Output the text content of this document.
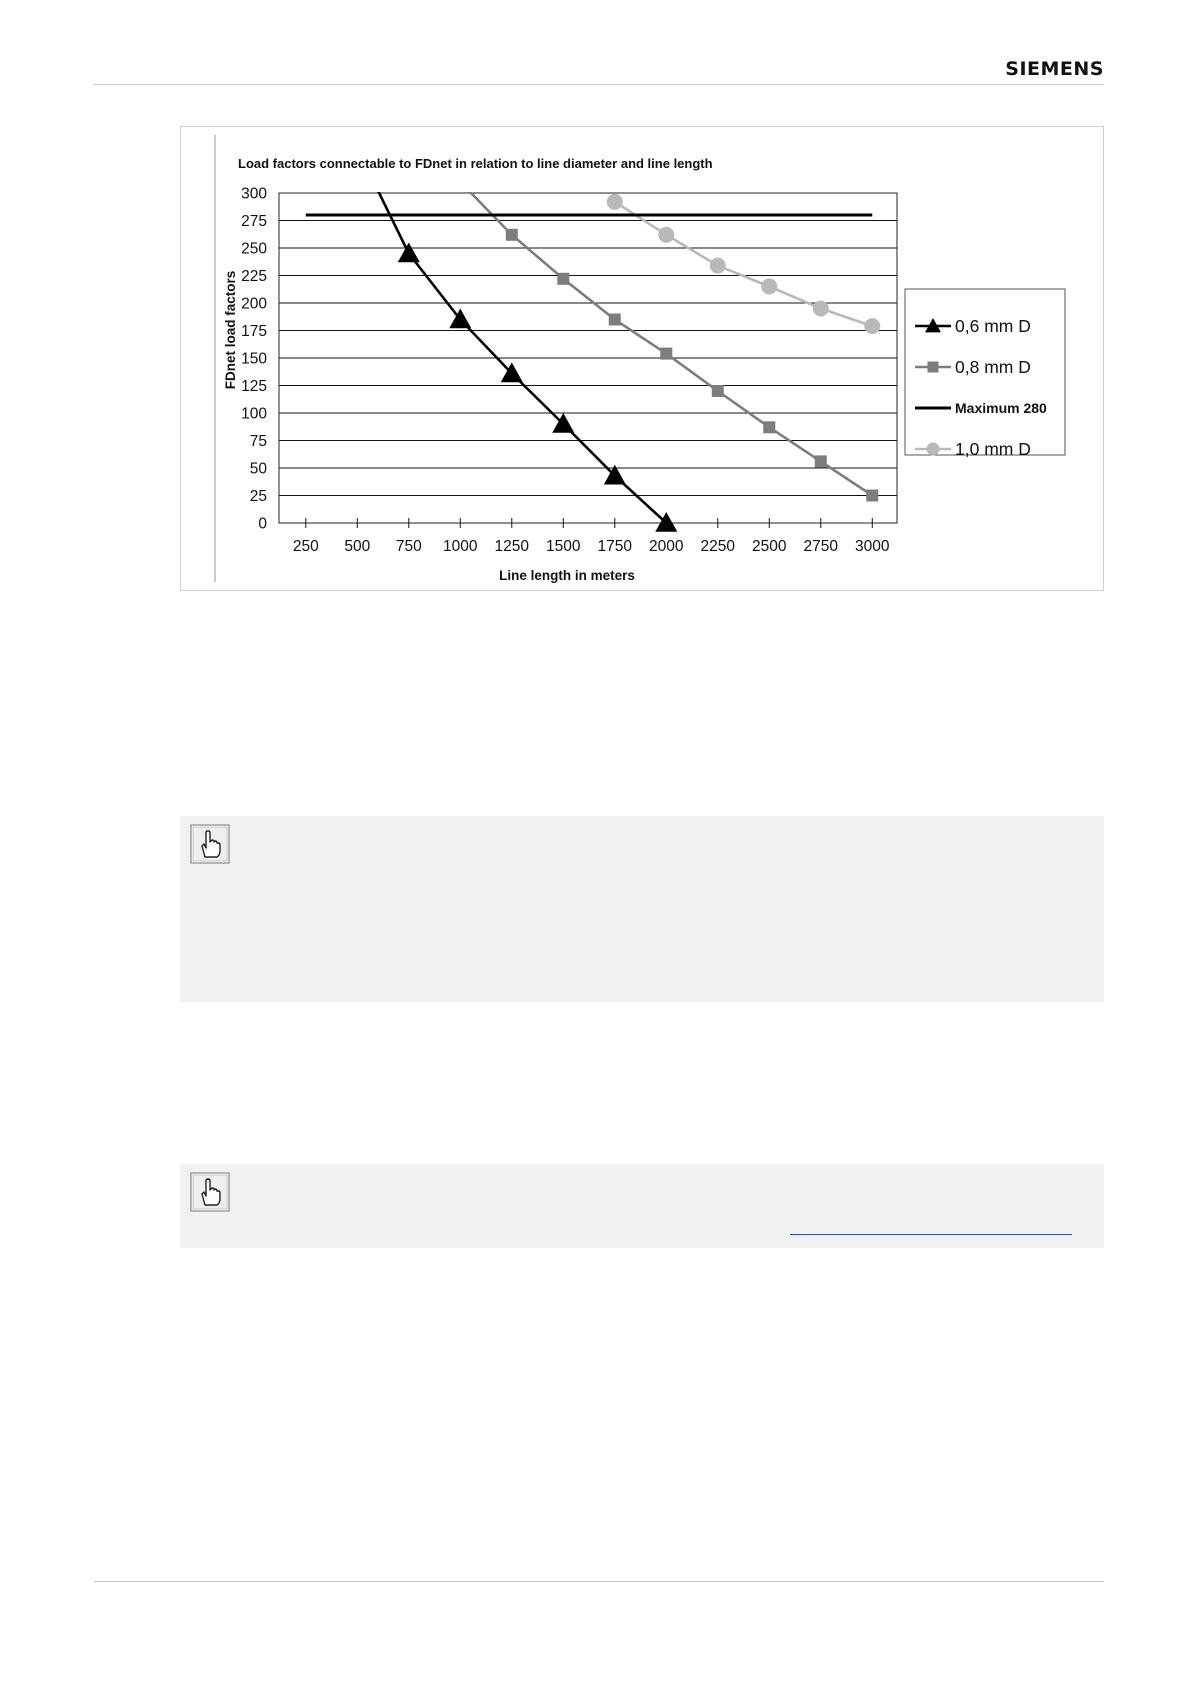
SIEMENS
Load factors connectable to FDnet in relation to line diameter and line length
0
25
50
75
100
125
150
175
200
225
250
275
300
250 500 750 1000 1250 1500 1750 2000 2250 2500 2750 3000
Line length in meters
FDnet load factors	0,6 mm D
0,8 mm D
Maximum 280
1,0 mm D
